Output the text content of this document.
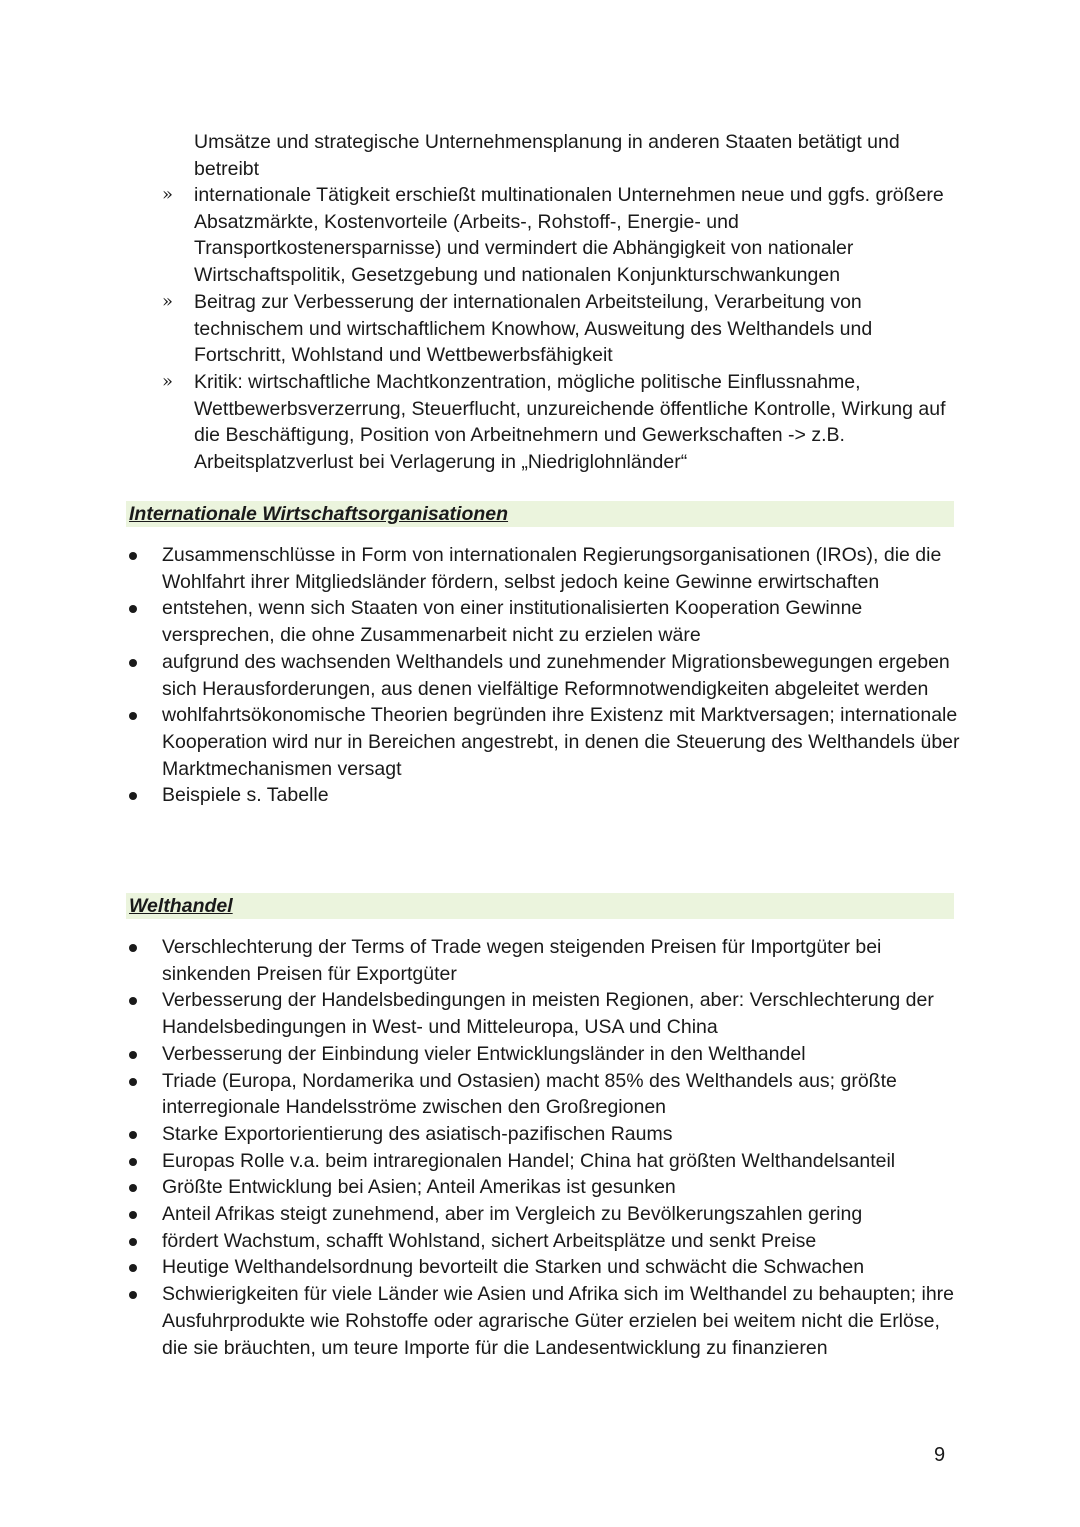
Umsätze und strategische Unternehmensplanung in anderen Staaten betätigt und betreibt
» internationale Tätigkeit erschießt multinationalen Unternehmen neue und ggfs. größere Absatzmärkte, Kostenvorteile (Arbeits-, Rohstoff-, Energie- und Transportkostenersparnisse) und vermindert die Abhängigkeit von nationaler Wirtschaftspolitik, Gesetzgebung und nationalen Konjunkturschwankungen
» Beitrag zur Verbesserung der internationalen Arbeitsteilung, Verarbeitung von technischem und wirtschaftlichem Knowhow, Ausweitung des Welthandels und Fortschritt, Wohlstand und Wettbewerbsfähigkeit
» Kritik: wirtschaftliche Machtkonzentration, mögliche politische Einflussnahme, Wettbewerbsverzerrung, Steuerflucht, unzureichende öffentliche Kontrolle, Wirkung auf die Beschäftigung, Position von Arbeitnehmern und Gewerkschaften -> z.B. Arbeitsplatzverlust bei Verlagerung in „Niedriglohnländer“
Internationale Wirtschaftsorganisationen
Zusammenschlüsse in Form von internationalen Regierungsorganisationen (IROs), die die Wohlfahrt ihrer Mitgliedsländer fördern, selbst jedoch keine Gewinne erwirtschaften
entstehen, wenn sich Staaten von einer institutionalisierten Kooperation Gewinne versprechen, die ohne Zusammenarbeit nicht zu erzielen wäre
aufgrund des wachsenden Welthandels und zunehmender Migrationsbewegungen ergeben sich Herausforderungen, aus denen vielfältige Reformnotwendigkeiten abgeleitet werden
wohlfahrtsökonomische Theorien begründen ihre Existenz mit Marktversagen; internationale Kooperation wird nur in Bereichen angestrebt, in denen die Steuerung des Welthandels über Marktmechanismen versagt
Beispiele s. Tabelle
Welthandel
Verschlechterung der Terms of Trade wegen steigenden Preisen für Importgüter bei sinkenden Preisen für Exportgüter
Verbesserung der Handelsbedingungen in meisten Regionen, aber: Verschlechterung der Handelsbedingungen in West- und Mitteleuropa, USA und China
Verbesserung der Einbindung vieler Entwicklungsländer in den Welthandel
Triade (Europa, Nordamerika und Ostasien) macht 85% des Welthandels aus; größte interregionale Handelsströme zwischen den Großregionen
Starke Exportorientierung des asiatisch-pazifischen Raums
Europas Rolle v.a. beim intraregionalen Handel; China hat größten Welthandelsanteil
Größte Entwicklung bei Asien; Anteil Amerikas ist gesunken
Anteil Afrikas steigt zunehmend, aber im Vergleich zu Bevölkerungszahlen gering
fördert Wachstum, schafft Wohlstand, sichert Arbeitsplätze und senkt Preise
Heutige Welthandelsordnung bevorteilt die Starken und schwächt die Schwachen
Schwierigkeiten für viele Länder wie Asien und Afrika sich im Welthandel zu behaupten; ihre Ausfuhrprodukte wie Rohstoffe oder agrarische Güter erzielen bei weitem nicht die Erlöse, die sie bräuchten, um teure Importe für die Landesentwicklung zu finanzieren
9
